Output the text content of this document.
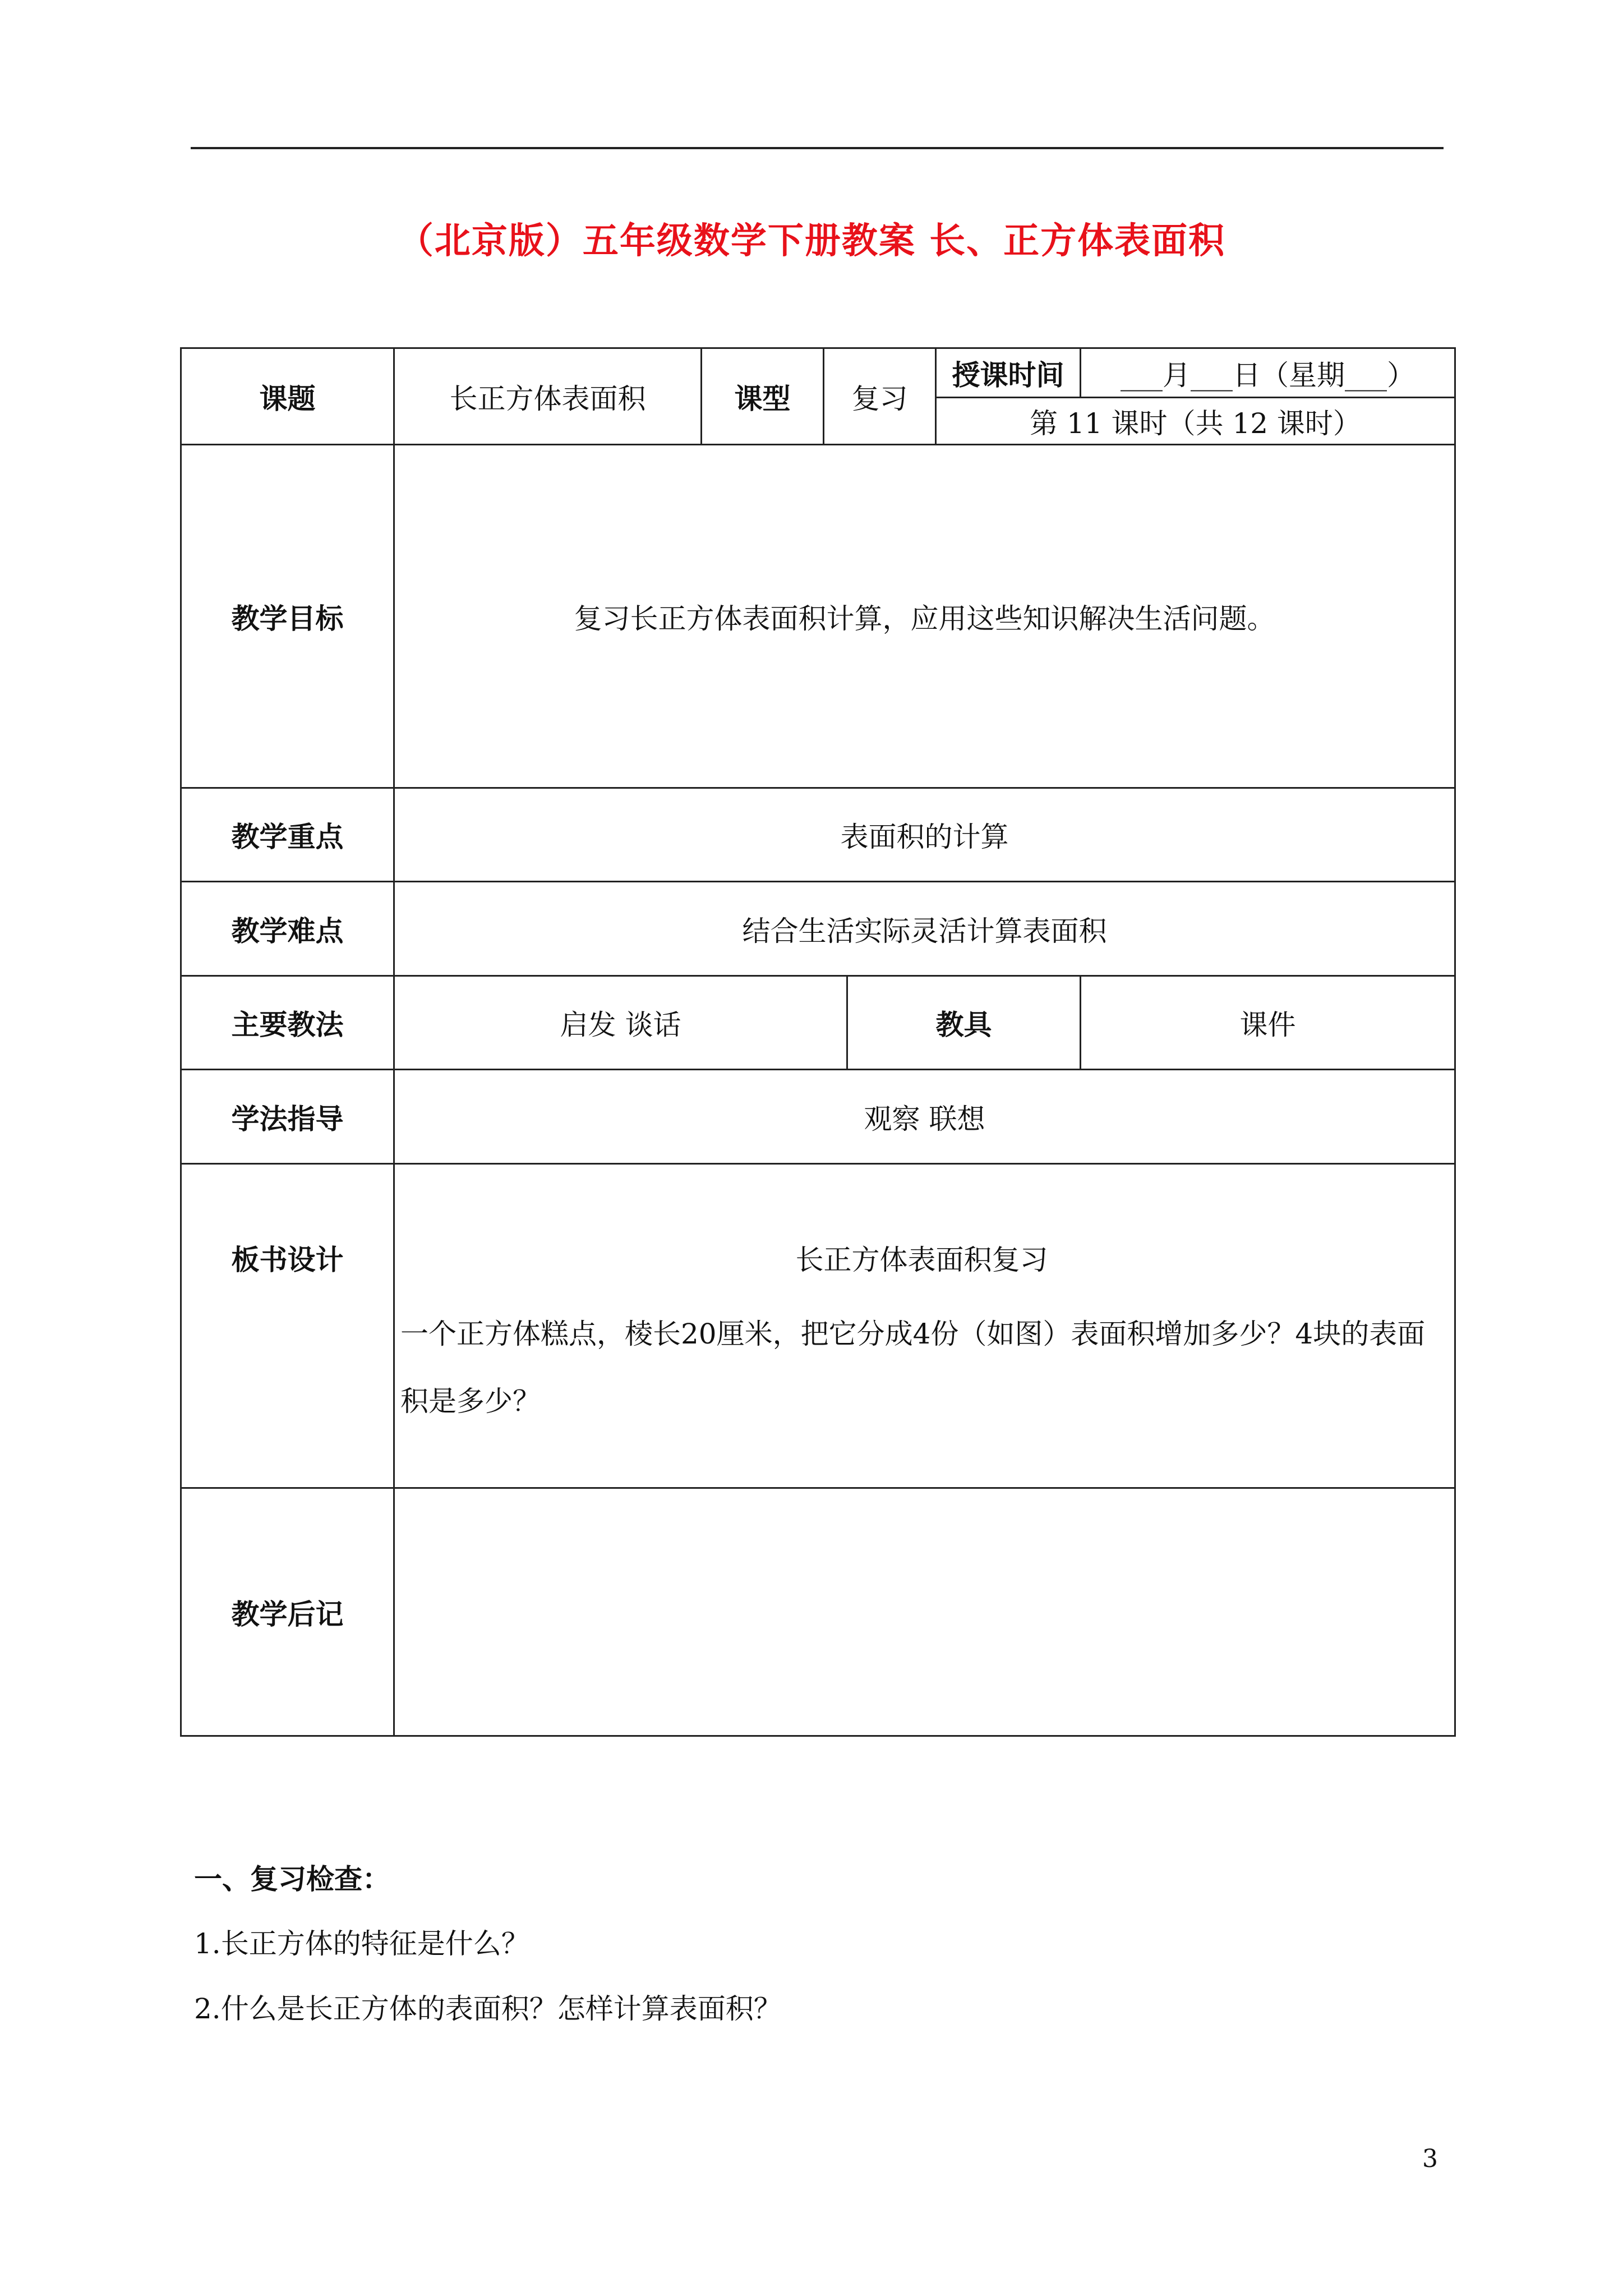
（北京版）五年级数学下册教案 长、正方体表面积
课题	长正方体表面积	课型	复习		授课时间	___月___日（星期___）
					第 11 课时（共 12 课时）	
教学目标	复习长正方体表面积计算，应用这些知识解决生活问题。					
教学重点	表面积的计算					
教学难点	结合生活实际灵活计算表面积					
主要教法	启发 谈话			教具		课件
学法指导	观察 联想					
板书设计	长正方体表面积复习
一个正方体糕点，棱长20厘米，把它分成4份（如图）表面积增加多少？4块的表面积是多少？					

教学后记						
一、复习检查：
1.长正方体的特征是什么？
2.什么是长正方体的表面积？怎样计算表面积？
3
